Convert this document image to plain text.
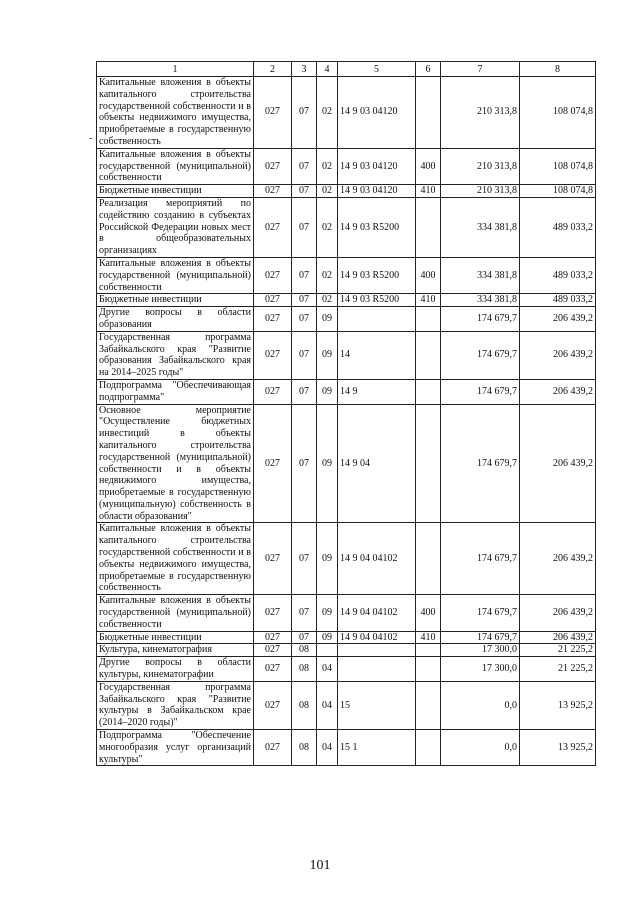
-
1	2	3	4	5	6	7	8
Капитальные вложения в объекты капитального строительства государственной собственности и в объекты недвижимого имущества, приобретаемые в государственную собственность	027	07	02	14 9 03 04120		210 313,8	108 074,8
Капитальные вложения в объекты государственной (муниципальной) собственности	027	07	02	14 9 03 04120	400	210 313,8	108 074,8
Бюджетные инвестиции	027	07	02	14 9 03 04120	410	210 313,8	108 074,8
Реализация мероприятий по содействию созданию в субъектах Российской Федерации новых мест в общеобразовательных организациях	027	07	02	14 9 03 R5200		334 381,8	489 033,2
Капитальные вложения в объекты государственной (муниципальной) собственности	027	07	02	14 9 03 R5200	400	334 381,8	489 033,2
Бюджетные инвестиции	027	07	02	14 9 03 R5200	410	334 381,8	489 033,2
Другие вопросы в области образования	027	07	09			174 679,7	206 439,2
Государственная программа Забайкальского края "Развитие образования Забайкальского края на 2014–2025 годы"	027	07	09	14		174 679,7	206 439,2
Подпрограмма "Обеспечивающая подпрограмма"	027	07	09	14 9		174 679,7	206 439,2
Основное мероприятие "Осуществление бюджетных инвестиций в объекты капитального строительства государственной (муниципальной) собственности и в объекты недвижимого имущества, приобретаемые в государственную (муниципальную) собственность в области образования"	027	07	09	14 9 04		174 679,7	206 439,2
Капитальные вложения в объекты капитального строительства государственной собственности и в объекты недвижимого имущества, приобретаемые в государственную собственность	027	07	09	14 9 04 04102		174 679,7	206 439,2
Капитальные вложения в объекты государственной (муниципальной) собственности	027	07	09	14 9 04 04102	400	174 679,7	206 439,2
Бюджетные инвестиции	027	07	09	14 9 04 04102	410	174 679,7	206 439,2
Культура, кинематография	027	08				17 300,0	21 225,2
Другие вопросы в области культуры, кинематографии	027	08	04			17 300,0	21 225,2
Государственная программа Забайкальского края "Развитие культуры в Забайкальском крае (2014–2020 годы)"	027	08	04	15		0,0	13 925,2
Подпрограмма "Обеспечение многообразия услуг организаций культуры"	027	08	04	15 1		0,0	13 925,2
101
